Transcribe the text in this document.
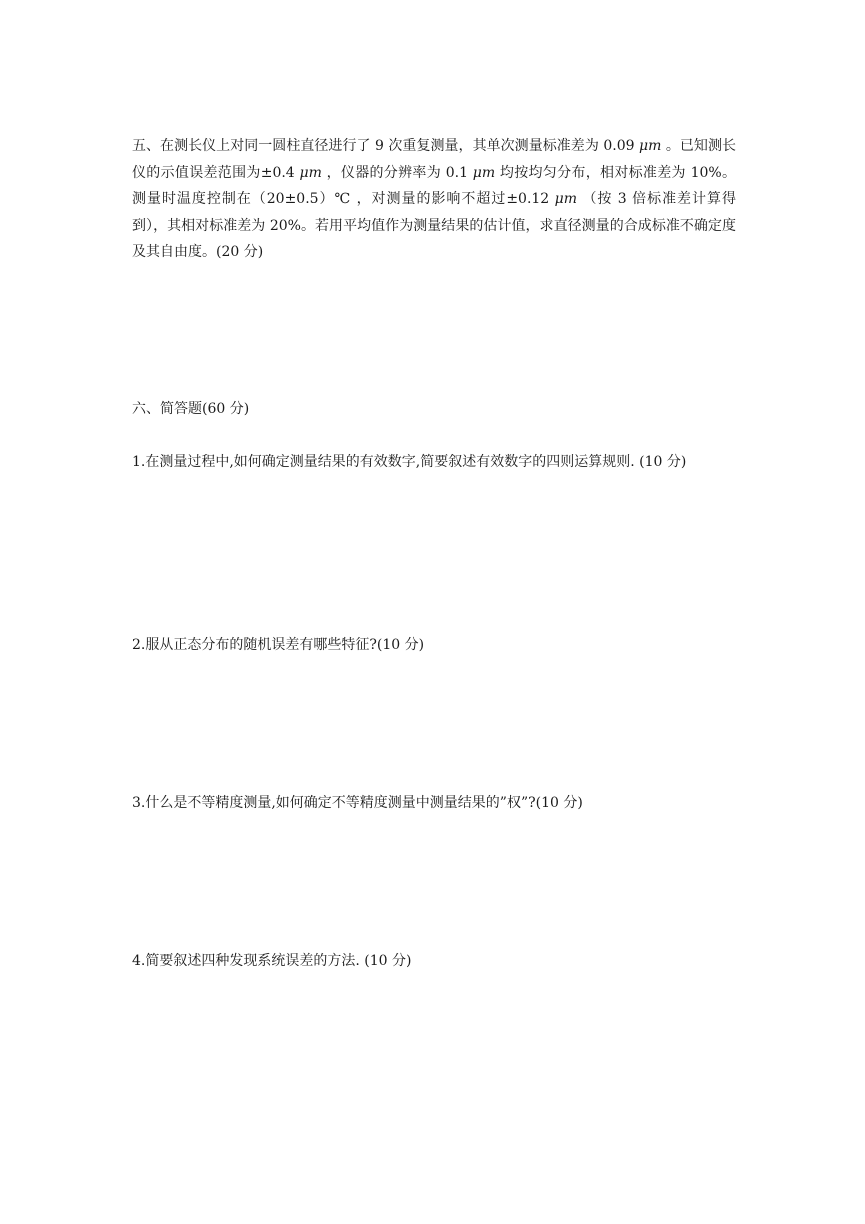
五、在测长仪上对同一圆柱直径进行了 9 次重复测量，其单次测量标准差为 0.09 μm 。已知测长仪的示值误差范围为±0.4 μm ，仪器的分辨率为 0.1 μm 均按均匀分布，相对标准差为 10%。测量时温度控制在（20±0.5）℃ ，对测量的影响不超过±0.12 μm （按 3 倍标准差计算得到），其相对标准差为 20%。若用平均值作为测量结果的估计值，求直径测量的合成标准不确定度及其自由度。(20 分)

六、简答题(60 分)

1.在测量过程中,如何确定测量结果的有效数字,简要叙述有效数字的四则运算规则. (10 分)

2.服从正态分布的随机误差有哪些特征?(10 分)

3.什么是不等精度测量,如何确定不等精度测量中测量结果的”权”?(10 分)

4.简要叙述四种发现系统误差的方法. (10 分)
